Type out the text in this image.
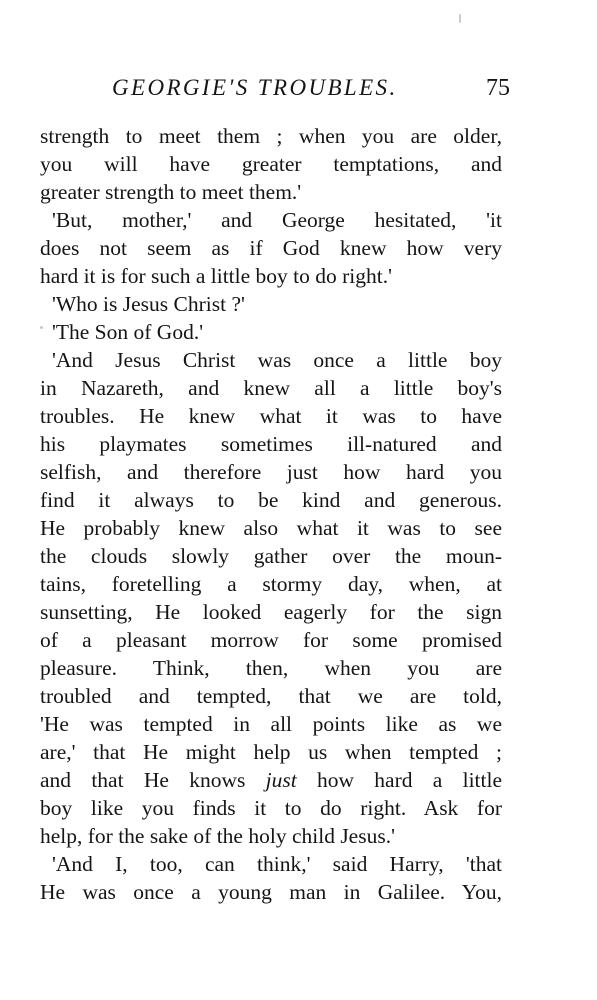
GEORGIE'S TROUBLES.	75
strength to meet them ; when you are older,
you will have greater temptations, and
greater strength to meet them.'
'But, mother,' and George hesitated, 'it
does not seem as if God knew how very
hard it is for such a little boy to do right.'
'Who is Jesus Christ ?'
'The Son of God.'
'And Jesus Christ was once a little boy
in Nazareth, and knew all a little boy's
troubles. He knew what it was to have
his playmates sometimes ill-natured and
selfish, and therefore just how hard you
find it always to be kind and generous.
He probably knew also what it was to see
the clouds slowly gather over the moun-
tains, foretelling a stormy day, when, at
sunsetting, He looked eagerly for the sign
of a pleasant morrow for some promised
pleasure. Think, then, when you are
troubled and tempted, that we are told,
'He was tempted in all points like as we
are,' that He might help us when tempted ;
and that He knows just how hard a little
boy like you finds it to do right. Ask for
help, for the sake of the holy child Jesus.'
'And I, too, can think,' said Harry, 'that
He was once a young man in Galilee. You,
